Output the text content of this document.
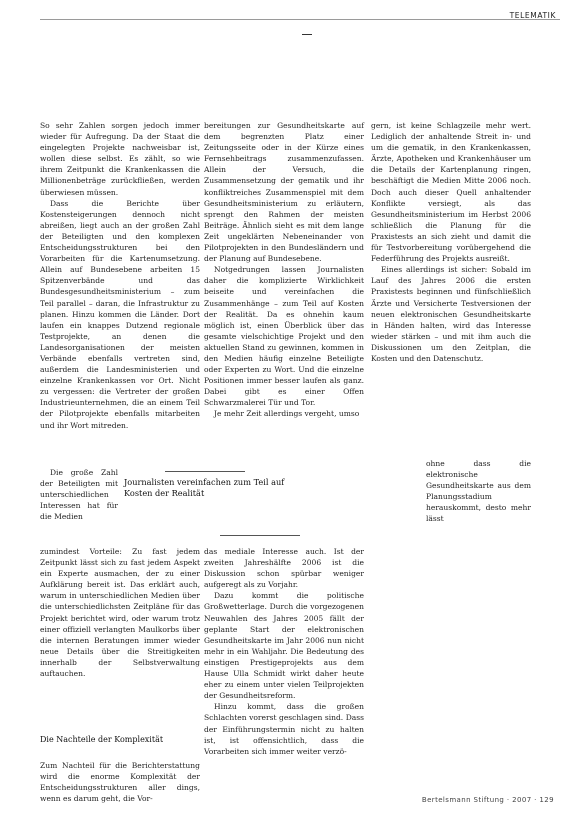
TELEMATIK

So sehr Zahlen sorgen jedoch immer wieder für Aufregung. Da der Staat die eingelegten Projekte nachweisbar ist, wollen diese selbst. Es zählt, so wie ihrem Zeitpunkt die Krankenkassen die Millionenbeträge zurückfließen, werden überwiesen müssen.

Dass die Berichte über Kostensteigerungen dennoch nicht abreißen, liegt auch an der großen Zahl der Beteiligten und den komplexen Entscheidungsstrukturen bei den Vorarbeiten für die Kartenumsetzung. Allein auf Bundesebene arbeiten 15 Spitzenverbände und das Bundesgesundheitsministerium – zum Teil parallel – daran, die Infrastruktur zu planen. Hinzu kommen die Länder. Dort laufen ein knappes Dutzend regionale Testprojekte, an denen die Landesorganisationen der meisten Verbände ebenfalls vertreten sind, außerdem die Landesministerien und einzelne Krankenkassen vor Ort. Nicht zu vergessen: die Vertreter der großen Industrieunternehmen, die an einem Teil der Pilotprojekte ebenfalls mitarbeiten und ihr Wort mitreden.

Die große Zahl der Beteiligten mit unterschiedlichen Interessen hat für die Medien

zumindest Vorteile: Zu fast jedem Zeitpunkt lässt sich zu fast jedem Aspekt ein Experte ausmachen, der zu einer Aufklärung bereit ist. Das erklärt auch, warum in unterschiedlichen Medien über die unterschiedlichsten Zeitpläne für das Projekt berichtet wird, oder warum trotz einer offiziell verlangten Maulkorbs über die internen Beratungen immer wieder neue Details über die Streitigkeiten innerhalb der Selbstverwaltung auftauchen.

Die Nachteile der Komplexität

Zum Nachteil für die Berichterstattung wird die enorme Komplexität der Entscheidungsstrukturen aller dings, wenn es darum geht, die Vor-

bereitungen zur Gesundheitskarte auf dem begrenzten Platz einer Zeitungsseite oder in der Kürze eines Fernsehbeitrags zusammenzufassen. Allein der Versuch, die Zusammensetzung der gematik und ihr konfliktreiches Zusammenspiel mit dem Gesundheitsministerium zu erläutern, sprengt den Rahmen der meisten Beiträge. Ähnlich sieht es mit dem lange Zeit ungeklärten Nebeneinander von Pilotprojekten in den Bundesländern und der Planung auf Bundesebene.

Notgedrungen lassen Journalisten daher die komplizierte Wirklichkeit beiseite und vereinfachen die Zusammenhänge – zum Teil auf Kosten der Realität. Da es ohnehin kaum möglich ist, einen Überblick über das gesamte vielschichtige Projekt und den aktuellen Stand zu gewinnen, kommen in den Medien häufig einzelne Beteiligte oder Experten zu Wort. Und die einzelne Positionen immer besser laufen als ganz. Dabei gibt es einer Offen Schwarzmalerei Tür und Tor.

Je mehr Zeit allerdings vergeht, umso

Journalisten vereinfachen zum Teil auf Kosten der Realität

ohne dass die elektronische Gesundheitskarte aus dem Planungsstadium herauskommt, desto mehr lässt

das mediale Interesse auch. Ist der zweiten Jahreshälfte 2006 ist die Diskussion schon spürbar weniger aufgeregt als zu Vorjahr.

Dazu kommt die politische Großwetterlage. Durch die vorgezogenen Neuwahlen des Jahres 2005 fällt der geplante Start der elektronischen Gesundheitskarte im Jahr 2006 nun nicht mehr in ein Wahljahr. Die Bedeutung des einstigen Prestigeprojekts aus dem Hause Ulla Schmidt wirkt daher heute eher zu einem unter vielen Teilprojekten der Gesundheitsreform.

Hinzu kommt, dass die großen Schlachten vorerst geschlagen sind. Dass der Einführungstermin nicht zu halten ist, ist offensichtlich, dass die Vorarbeiten sich immer weiter verzö-

gern, ist keine Schlagzeile mehr wert. Lediglich der anhaltende Streit in- und um die gematik, in den Krankenkassen, Ärzte, Apotheken und Krankenhäuser um die Details der Kartenplanung ringen, beschäftigt die Medien Mitte 2006 noch. Doch auch dieser Quell anhaltender Konflikte versiegt, als das Gesundheitsministerium im Herbst 2006 schließlich die Planung für die Praxistests an sich zieht und damit die für Testvorbereitung vorübergehend die Federführung des Projekts ausreißt.

Eines allerdings ist sicher: Sobald im Lauf des Jahres 2006 die ersten Praxistests beginnen und fünfschließlich Ärzte und Versicherte Testversionen der neuen elektronischen Gesundheitskarte in Händen halten, wird das Interesse wieder stärken – und mit ihm auch die Diskussionen um den Zeitplan, die Kosten und den Datenschutz.

Bertelsmann Stiftung · 2007 · 129
